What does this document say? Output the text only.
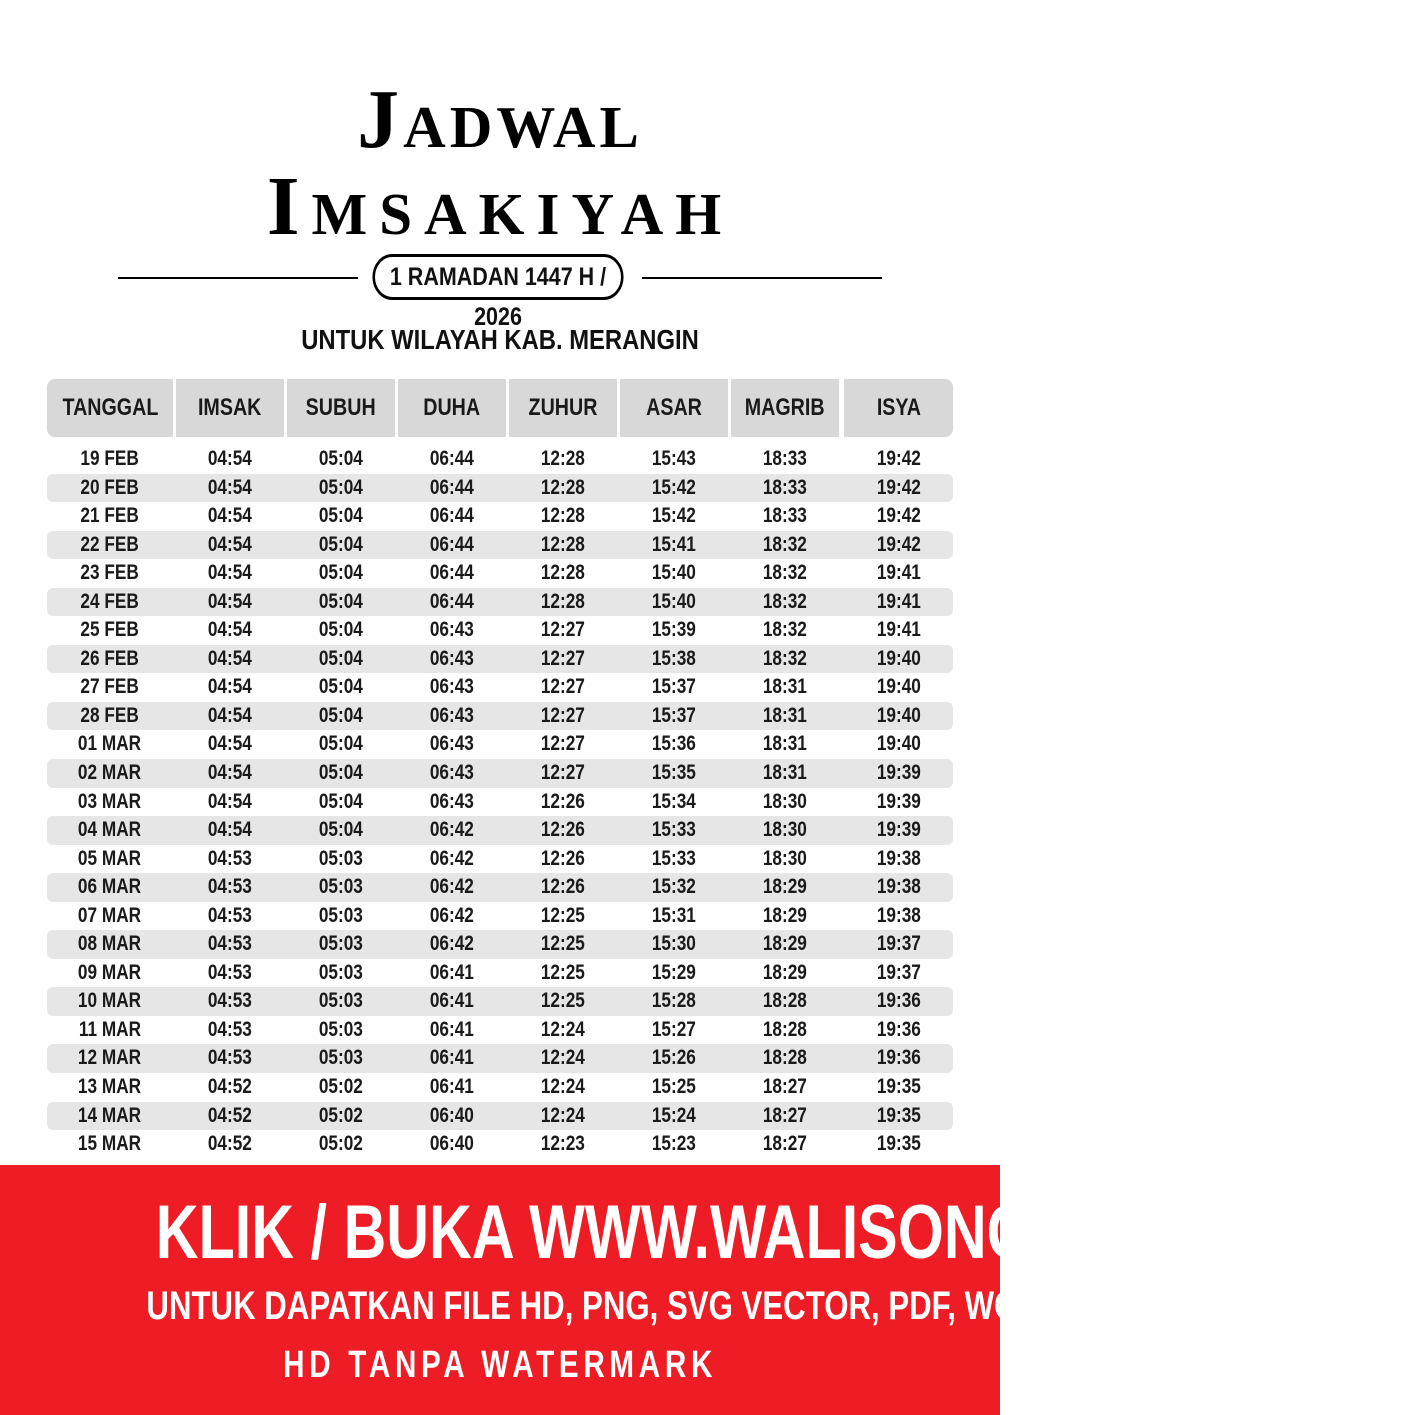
Jadwal
Imsakiyah
1 RAMADAN 1447 H / 2026
UNTUK WILAYAH KAB. MERANGIN
TANGGAL	IMSAK	SUBUH	DUHA	ZUHUR	ASAR	MAGRIB	ISYA
19 FEB	04:54	05:04	06:44	12:28	15:43	18:33	19:42
20 FEB	04:54	05:04	06:44	12:28	15:42	18:33	19:42
21 FEB	04:54	05:04	06:44	12:28	15:42	18:33	19:42
22 FEB	04:54	05:04	06:44	12:28	15:41	18:32	19:42
23 FEB	04:54	05:04	06:44	12:28	15:40	18:32	19:41
24 FEB	04:54	05:04	06:44	12:28	15:40	18:32	19:41
25 FEB	04:54	05:04	06:43	12:27	15:39	18:32	19:41
26 FEB	04:54	05:04	06:43	12:27	15:38	18:32	19:40
27 FEB	04:54	05:04	06:43	12:27	15:37	18:31	19:40
28 FEB	04:54	05:04	06:43	12:27	15:37	18:31	19:40
01 MAR	04:54	05:04	06:43	12:27	15:36	18:31	19:40
02 MAR	04:54	05:04	06:43	12:27	15:35	18:31	19:39
03 MAR	04:54	05:04	06:43	12:26	15:34	18:30	19:39
04 MAR	04:54	05:04	06:42	12:26	15:33	18:30	19:39
05 MAR	04:53	05:03	06:42	12:26	15:33	18:30	19:38
06 MAR	04:53	05:03	06:42	12:26	15:32	18:29	19:38
07 MAR	04:53	05:03	06:42	12:25	15:31	18:29	19:38
08 MAR	04:53	05:03	06:42	12:25	15:30	18:29	19:37
09 MAR	04:53	05:03	06:41	12:25	15:29	18:29	19:37
10 MAR	04:53	05:03	06:41	12:25	15:28	18:28	19:36
11 MAR	04:53	05:03	06:41	12:24	15:27	18:28	19:36
12 MAR	04:53	05:03	06:41	12:24	15:26	18:28	19:36
13 MAR	04:52	05:02	06:41	12:24	15:25	18:27	19:35
14 MAR	04:52	05:02	06:40	12:24	15:24	18:27	19:35
15 MAR	04:52	05:02	06:40	12:23	15:23	18:27	19:35
KLIK / BUKA WWW.WALISONGO.CO.ID
UNTUK DAPATKAN FILE HD, PNG, SVG VECTOR, PDF, WORD, EXCEL
HD TANPA WATERMARK
